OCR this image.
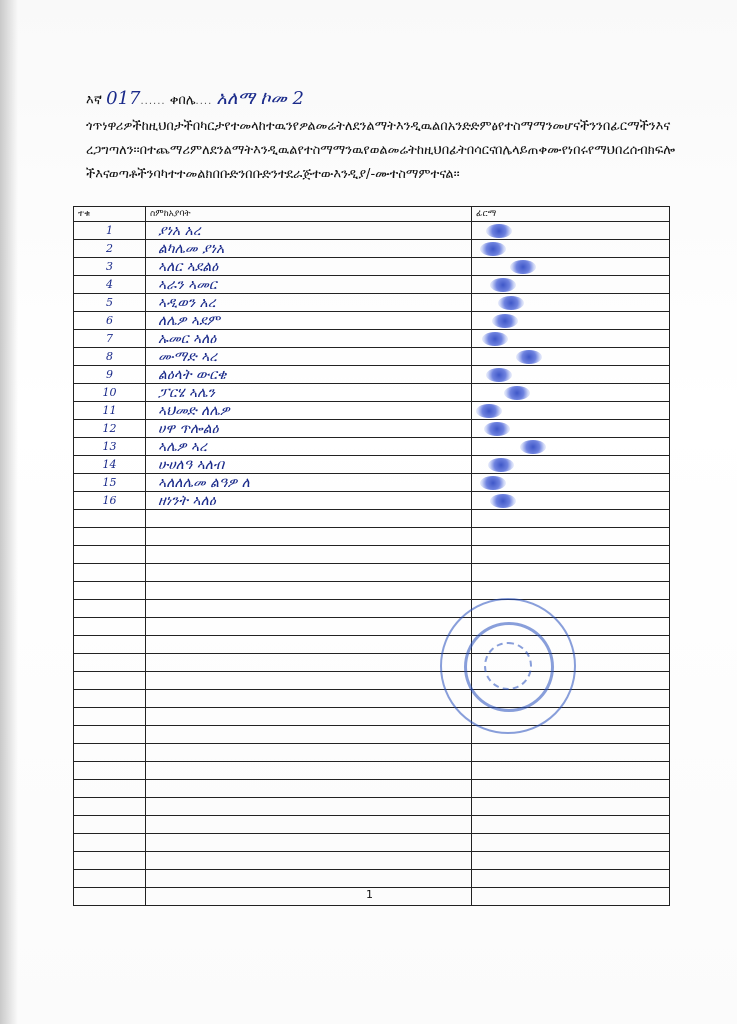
እኛ 017...... ቀበሌ.... አለማ ኮመ 2
ጎጥነዋሪዎችከዚህበታችበካርታየተመላከተዉንየዎልመሬትለደንልማትእንዲዉልበአንድድምፅየተስማማንመሆናችንንበፊርማችንእናረጋግጣለን፡፡በተጨማሪምለደንልማትእንዲዉልየተስማማንዉየወልመሬትከዚህበፊትበሳርናበሌላይጠቀሙየነበሩየማህበረሰብክፍሎችእናወጣቶችንባካተተመልክበቡድንበቡድንተደራጅተውእንዲያ/-ሙተስማምተናል፡፡
ተቁ	ስምከአያባት	ፊርማ
1	ያነአ አረ	
2	ልካሌመ ያነአ	
3	ኣለር ኣደልዕ	
4	ኣራን ኣመር	
5	ኣዲወን አረ	
6	ለሌዎ ኣደም	
7	ኡመር ኣለዕ	
8	ሙማድ ኣረ	
9	ልዕላት ውርቄ	
10	ፓርሄ ኣሌን	
11	ኣህመድ ለሌዎ	
12	ሀዋ ጥሎልዕ	
13	ኣሌዎ ኣረ	
14	ሁሀለዓ ኣለብ	
15	ኣለለሌመ ልዓዎ ለ	
16	ዘነንት ኣለዕ	

1
